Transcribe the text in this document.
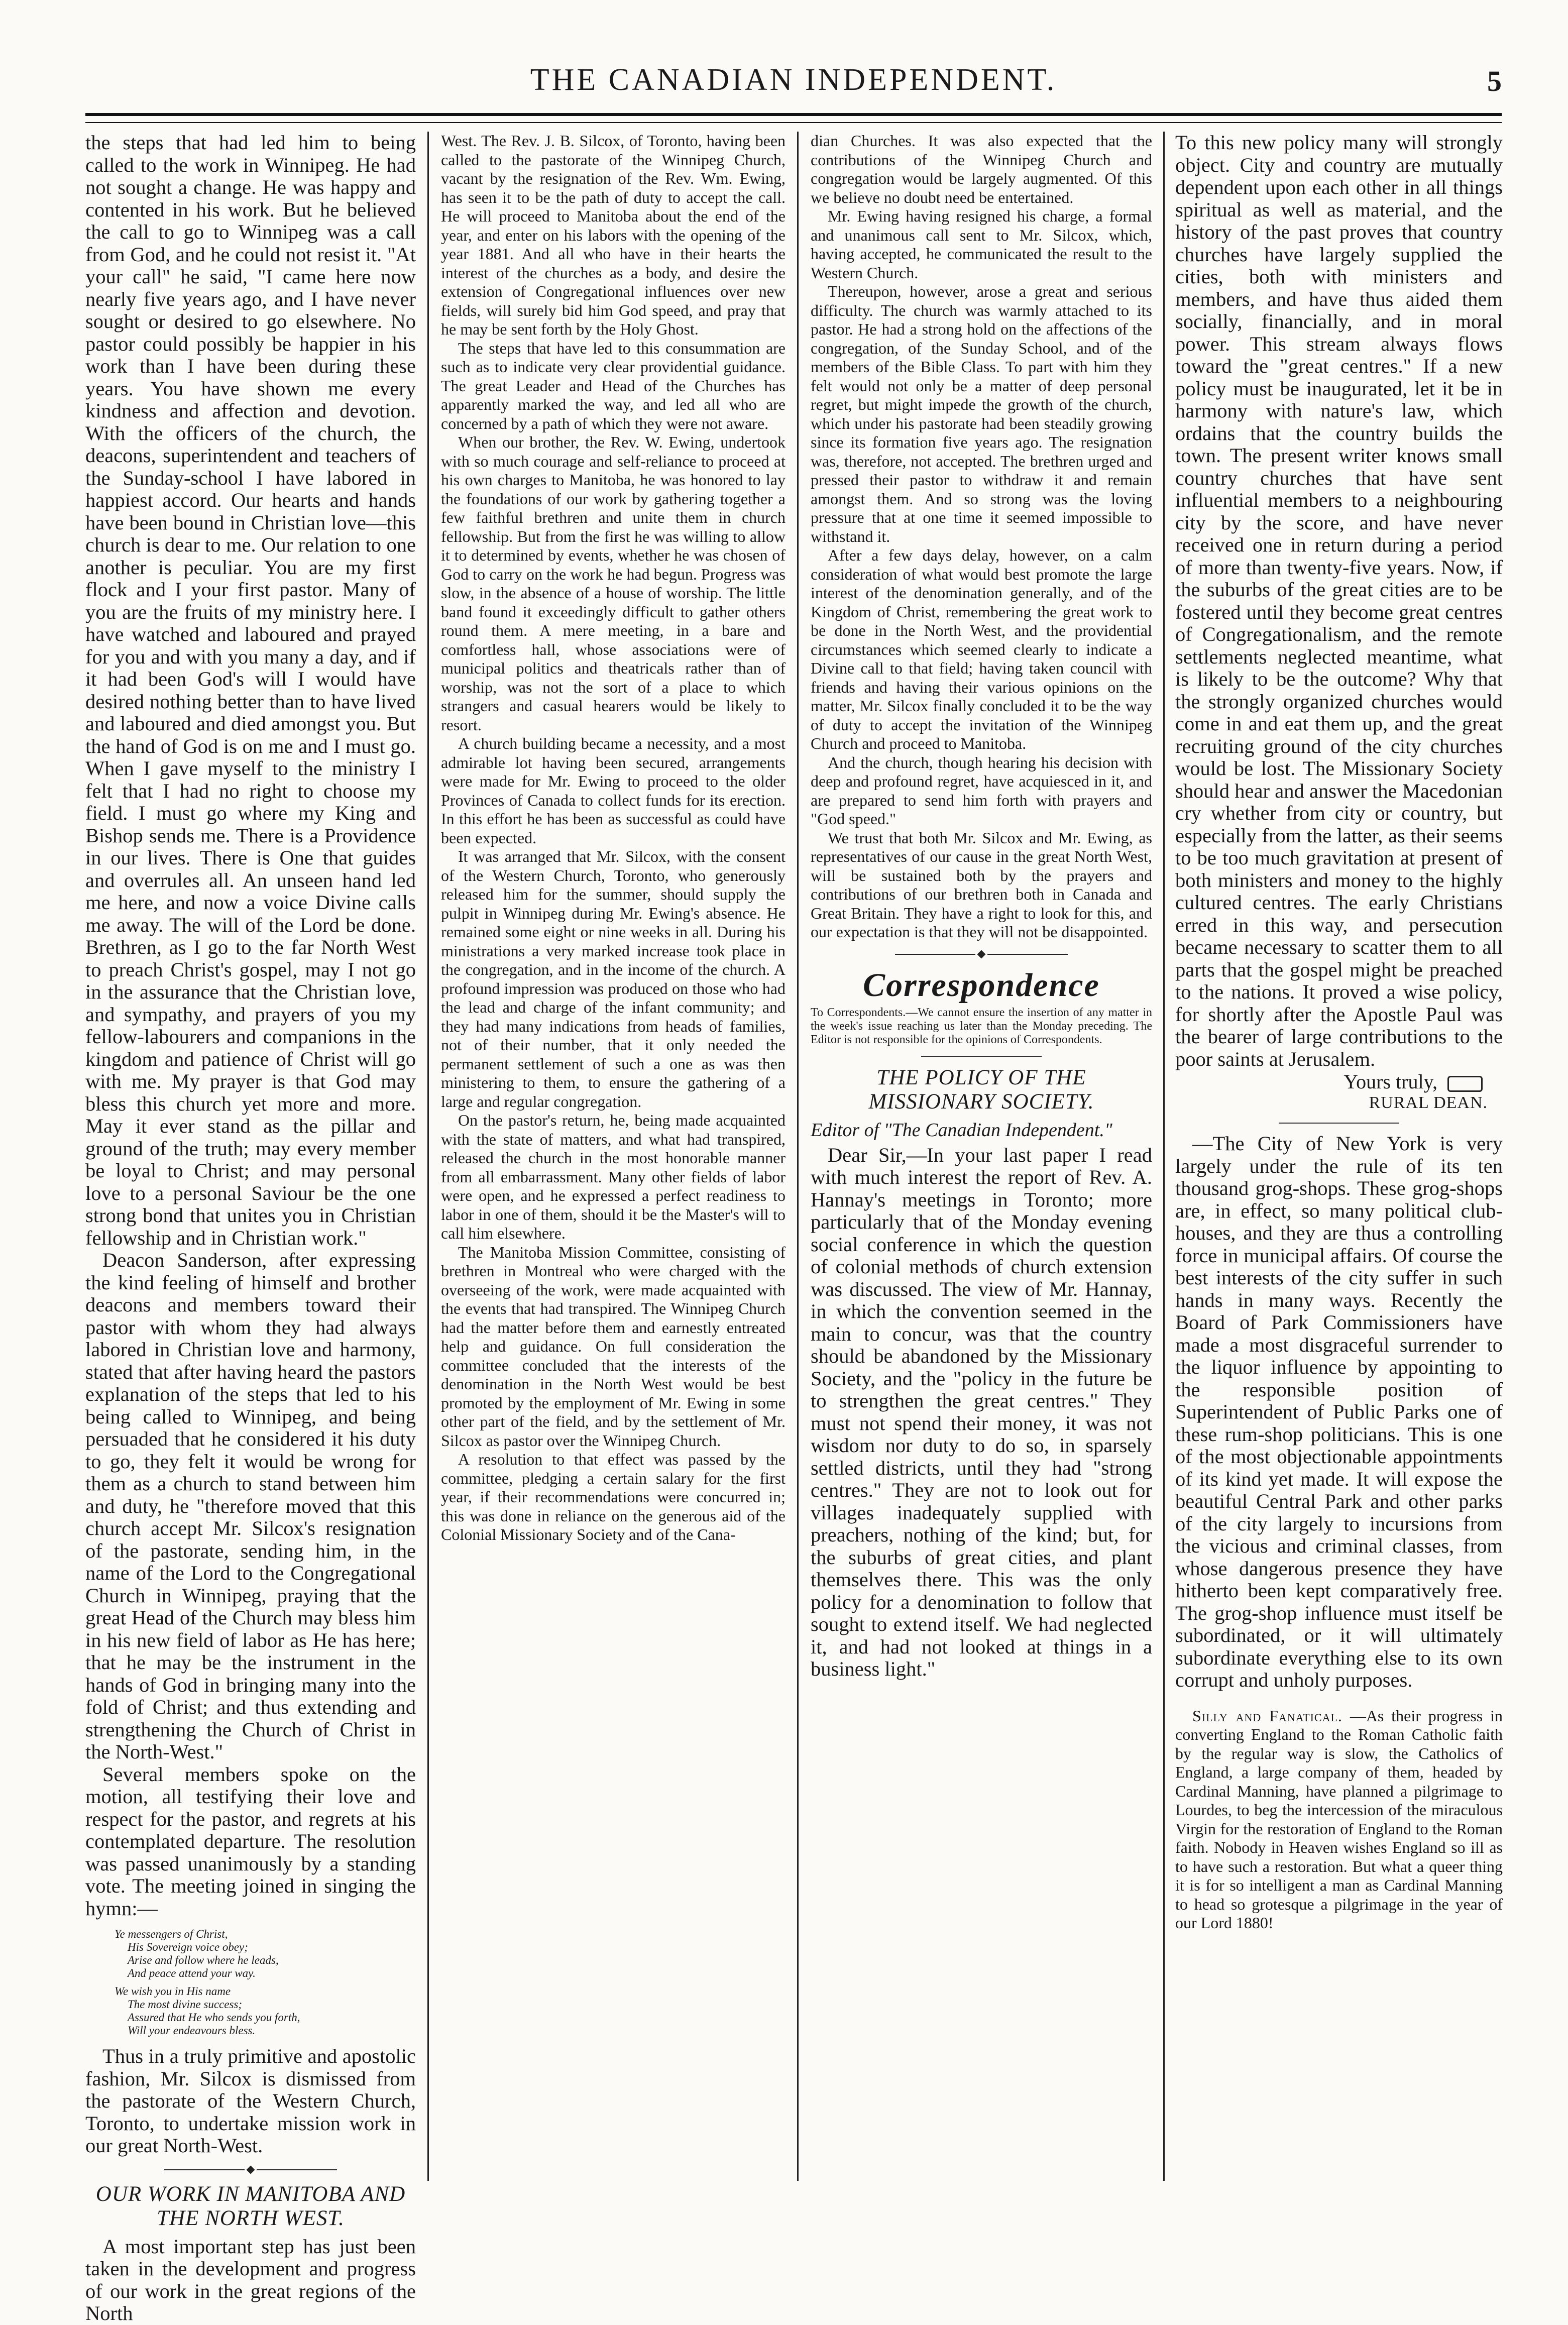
THE CANADIAN INDEPENDENT.	5

the steps that had led him to being called to the work in Winnipeg. He had not sought a change. He was happy and contented in his work. But he believed the call to go to Winnipeg was a call from God, and he could not resist it. "At your call" he said, "I came here now nearly five years ago, and I have never sought or desired to go elsewhere. No pastor could possibly be happier in his work than I have been during these years. You have shown me every kindness and affection and devotion. With the officers of the church, the deacons, superintendent and teachers of the Sunday-school I have labored in happiest accord. Our hearts and hands have been bound in Christian love—this church is dear to me. Our relation to one another is peculiar. You are my first flock and I your first pastor. Many of you are the fruits of my ministry here. I have watched and laboured and prayed for you and with you many a day, and if it had been God's will I would have desired nothing better than to have lived and laboured and died amongst you. But the hand of God is on me and I must go. When I gave myself to the ministry I felt that I had no right to choose my field. I must go where my King and Bishop sends me. There is a Providence in our lives. There is One that guides and overrules all. An unseen hand led me here, and now a voice Divine calls me away. The will of the Lord be done. Brethren, as I go to the far North West to preach Christ's gospel, may I not go in the assurance that the Christian love, and sympathy, and prayers of you my fellow-labourers and companions in the kingdom and patience of Christ will go with me. My prayer is that God may bless this church yet more and more. May it ever stand as the pillar and ground of the truth; may every member be loyal to Christ; and may personal love to a personal Saviour be the one strong bond that unites you in Christian fellowship and in Christian work."

Deacon Sanderson, after expressing the kind feeling of himself and brother deacons and members toward their pastor with whom they had always labored in Christian love and harmony, stated that after having heard the pastors explanation of the steps that led to his being called to Winnipeg, and being persuaded that he considered it his duty to go, they felt it would be wrong for them as a church to stand between him and duty, he "therefore moved that this church accept Mr. Silcox's resignation of the pastorate, sending him, in the name of the Lord to the Congregational Church in Winnipeg, praying that the great Head of the Church may bless him in his new field of labor as He has here; that he may be the instrument in the hands of God in bringing many into the fold of Christ; and thus extending and strengthening the Church of Christ in the North-West."

Several members spoke on the motion, all testifying their love and respect for the pastor, and regrets at his contemplated departure. The resolution was passed unanimously by a standing vote. The meeting joined in singing the hymn:—

Ye messengers of Christ,
His Sovereign voice obey;
Arise and follow where he leads,
And peace attend your way.
We wish you in His name
The most divine success;
Assured that He who sends you forth,
Will your endeavours bless.

Thus in a truly primitive and apostolic fashion, Mr. Silcox is dismissed from the pastorate of the Western Church, Toronto, to undertake mission work in our great North-West.

OUR WORK IN MANITOBA AND THE NORTH WEST.

A most important step has just been taken in the development and progress of our work in the great regions of the North

West. The Rev. J. B. Silcox, of Toronto, having been called to the pastorate of the Winnipeg Church, vacant by the resignation of the Rev. Wm. Ewing, has seen it to be the path of duty to accept the call. He will proceed to Manitoba about the end of the year, and enter on his labors with the opening of the year 1881. And all who have in their hearts the interest of the churches as a body, and desire the extension of Congregational influences over new fields, will surely bid him God speed, and pray that he may be sent forth by the Holy Ghost.

The steps that have led to this consummation are such as to indicate very clear providential guidance. The great Leader and Head of the Churches has apparently marked the way, and led all who are concerned by a path of which they were not aware.

When our brother, the Rev. W. Ewing, undertook with so much courage and self-reliance to proceed at his own charges to Manitoba, he was honored to lay the foundations of our work by gathering together a few faithful brethren and unite them in church fellowship. But from the first he was willing to allow it to determined by events, whether he was chosen of God to carry on the work he had begun. Progress was slow, in the absence of a house of worship. The little band found it exceedingly difficult to gather others round them. A mere meeting, in a bare and comfortless hall, whose associations were of municipal politics and theatricals rather than of worship, was not the sort of a place to which strangers and casual hearers would be likely to resort.

A church building became a necessity, and a most admirable lot having been secured, arrangements were made for Mr. Ewing to proceed to the older Provinces of Canada to collect funds for its erection. In this effort he has been as successful as could have been expected.

It was arranged that Mr. Silcox, with the consent of the Western Church, Toronto, who generously released him for the summer, should supply the pulpit in Winnipeg during Mr. Ewing's absence. He remained some eight or nine weeks in all. During his ministrations a very marked increase took place in the congregation, and in the income of the church. A profound impression was produced on those who had the lead and charge of the infant community; and they had many indications from heads of families, not of their number, that it only needed the permanent settlement of such a one as was then ministering to them, to ensure the gathering of a large and regular congregation.

On the pastor's return, he, being made acquainted with the state of matters, and what had transpired, released the church in the most honorable manner from all embarrassment. Many other fields of labor were open, and he expressed a perfect readiness to labor in one of them, should it be the Master's will to call him elsewhere.

The Manitoba Mission Committee, consisting of brethren in Montreal who were charged with the overseeing of the work, were made acquainted with the events that had transpired. The Winnipeg Church had the matter before them and earnestly entreated help and guidance. On full consideration the committee concluded that the interests of the denomination in the North West would be best promoted by the employment of Mr. Ewing in some other part of the field, and by the settlement of Mr. Silcox as pastor over the Winnipeg Church.

A resolution to that effect was passed by the committee, pledging a certain salary for the first year, if their recommendations were concurred in; this was done in reliance on the generous aid of the Colonial Missionary Society and of the Cana-

dian Churches. It was also expected that the contributions of the Winnipeg Church and congregation would be largely augmented. Of this we believe no doubt need be entertained.

Mr. Ewing having resigned his charge, a formal and unanimous call sent to Mr. Silcox, which, having accepted, he communicated the result to the Western Church.

Thereupon, however, arose a great and serious difficulty. The church was warmly attached to its pastor. He had a strong hold on the affections of the congregation, of the Sunday School, and of the members of the Bible Class. To part with him they felt would not only be a matter of deep personal regret, but might impede the growth of the church, which under his pastorate had been steadily growing since its formation five years ago. The resignation was, therefore, not accepted. The brethren urged and pressed their pastor to withdraw it and remain amongst them. And so strong was the loving pressure that at one time it seemed impossible to withstand it.

After a few days delay, however, on a calm consideration of what would best promote the large interest of the denomination generally, and of the Kingdom of Christ, remembering the great work to be done in the North West, and the providential circumstances which seemed clearly to indicate a Divine call to that field; having taken council with friends and having their various opinions on the matter, Mr. Silcox finally concluded it to be the way of duty to accept the invitation of the Winnipeg Church and proceed to Manitoba.

And the church, though hearing his decision with deep and profound regret, have acquiesced in it, and are prepared to send him forth with prayers and "God speed."

We trust that both Mr. Silcox and Mr. Ewing, as representatives of our cause in the great North West, will be sustained both by the prayers and contributions of our brethren both in Canada and Great Britain. They have a right to look for this, and our expectation is that they will not be disappointed.

Correspondence
To Correspondents.—We cannot ensure the insertion of any matter in the week's issue reaching us later than the Monday preceding. The Editor is not responsible for the opinions of Correspondents.
THE POLICY OF THE MISSIONARY SOCIETY.
Editor of "The Canadian Independent."

Dear Sir,—In your last paper I read with much interest the report of Rev. A. Hannay's meetings in Toronto; more particularly that of the Monday evening social conference in which the question of colonial methods of church extension was discussed. The view of Mr. Hannay, in which the convention seemed in the main to concur, was that the country should be abandoned by the Missionary Society, and the "policy in the future be to strengthen the great centres." They must not spend their money, it was not wisdom nor duty to do so, in sparsely settled districts, until they had "strong centres." They are not to look out for villages inadequately supplied with preachers, nothing of the kind; but, for the suburbs of great cities, and plant themselves there. This was the only policy for a denomination to follow that sought to extend itself. We had neglected it, and had not looked at things in a business light."

To this new policy many will strongly object. City and country are mutually dependent upon each other in all things spiritual as well as material, and the history of the past proves that country churches have largely supplied the cities, both with ministers and members, and have thus aided them socially, financially, and in moral power. This stream always flows toward the "great centres." If a new policy must be inaugurated, let it be in harmony with nature's law, which ordains that the country builds the town. The present writer knows small country churches that have sent influential members to a neighbouring city by the score, and have never received one in return during a period of more than twenty-five years. Now, if the suburbs of the great cities are to be fostered until they become great centres of Congregationalism, and the remote settlements neglected meantime, what is likely to be the outcome? Why that the strongly organized churches would come in and eat them up, and the great recruiting ground of the city churches would be lost. The Missionary Society should hear and answer the Macedonian cry whether from city or country, but especially from the latter, as their seems to be too much gravitation at present of both ministers and money to the highly cultured centres. The early Christians erred in this way, and persecution became necessary to scatter them to all parts that the gospel might be preached to the nations. It proved a wise policy, for shortly after the Apostle Paul was the bearer of large contributions to the poor saints at Jerusalem.

Yours truly,
RURAL DEAN.

—The City of New York is very largely under the rule of its ten thousand grog-shops. These grog-shops are, in effect, so many political club-houses, and they are thus a controlling force in municipal affairs. Of course the best interests of the city suffer in such hands in many ways. Recently the Board of Park Commissioners have made a most disgraceful surrender to the liquor influence by appointing to the responsible position of Superintendent of Public Parks one of these rum-shop politicians. This is one of the most objectionable appointments of its kind yet made. It will expose the beautiful Central Park and other parks of the city largely to incursions from the vicious and criminal classes, from whose dangerous presence they have hitherto been kept comparatively free. The grog-shop influence must itself be subordinated, or it will ultimately subordinate everything else to its own corrupt and unholy purposes.

Silly and Fanatical. —As their progress in converting England to the Roman Catholic faith by the regular way is slow, the Catholics of England, a large company of them, headed by Cardinal Manning, have planned a pilgrimage to Lourdes, to beg the intercession of the miraculous Virgin for the restoration of England to the Roman faith. Nobody in Heaven wishes England so ill as to have such a restoration. But what a queer thing it is for so intelligent a man as Cardinal Manning to head so grotesque a pilgrimage in the year of our Lord 1880!
